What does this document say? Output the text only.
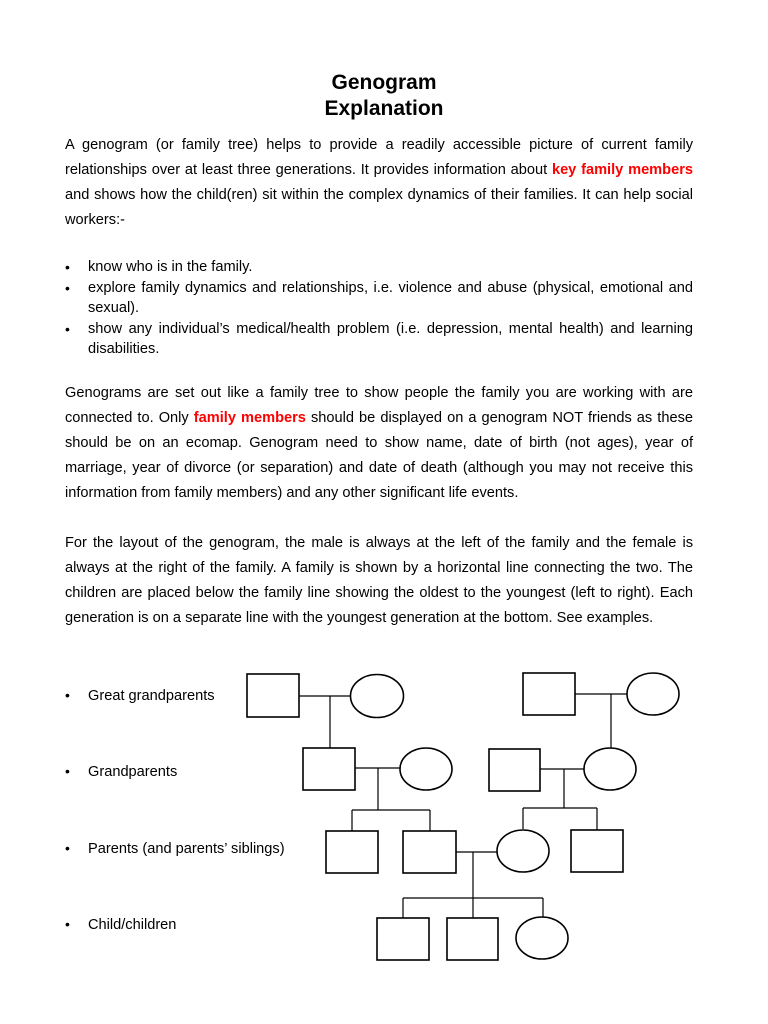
Genogram
Explanation

A genogram (or family tree) helps to provide a readily accessible picture of current family relationships over at least three generations. It provides information about key family members and shows how the child(ren) sit within the complex dynamics of their families. It can help social workers:-

•	know who is in the family.
•	explore family dynamics and relationships, i.e. violence and abuse (physical, emotional and sexual).
•	show any individual’s medical/health problem (i.e. depression, mental health) and learning disabilities.

Genograms are set out like a family tree to show people the family you are working with are connected to. Only family members should be displayed on a genogram NOT friends as these should be on an ecomap. Genogram need to show name, date of birth (not ages), year of marriage, year of divorce (or separation) and date of death (although you may not receive this information from family members) and any other significant life events.

For the layout of the genogram, the male is always at the left of the family and the female is always at the right of the family. A family is shown by a horizontal line connecting the two. The children are placed below the family line showing the oldest to the youngest (left to right). Each generation is on a separate line with the youngest generation at the bottom. See examples.

• Great grandparents
• Grandparents
• Parents (and parents’ siblings)
• Child/children
